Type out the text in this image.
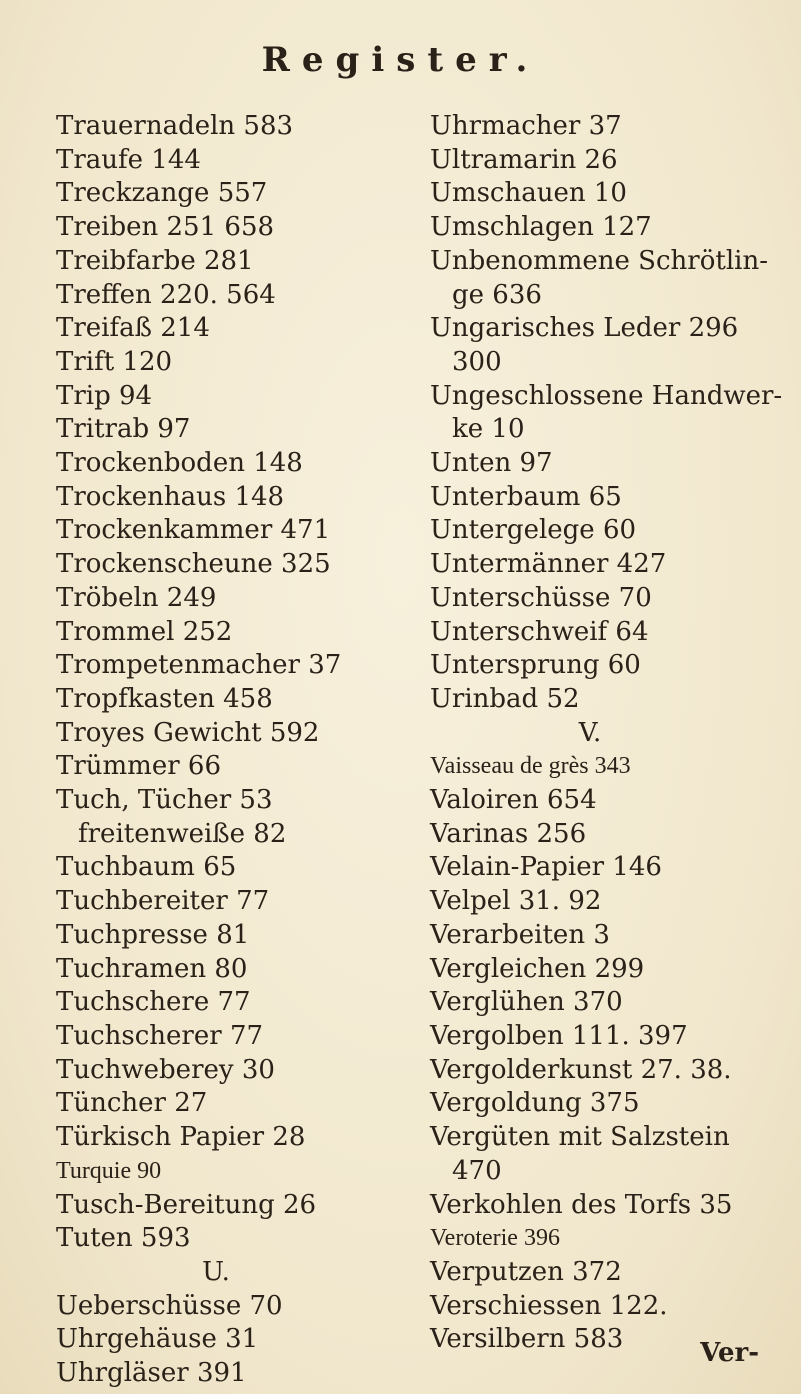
Register.
Trauernadeln 583
Traufe 144
Treckzange 557
Treiben 251 658
Treibfarbe 281
Treffen 220. 564
Treifaß 214
Trift 120
Trip 94
Tritrab 97
Trockenboden 148
Trockenhaus 148
Trockenkammer 471
Trockenscheune 325
Tröbeln 249
Trommel 252
Trompetenmacher 37
Tropfkasten 458
Troyes Gewicht 592
Trümmer 66
Tuch, Tücher 53
freitenweiße 82
Tuchbaum 65
Tuchbereiter 77
Tuchpresse 81
Tuchramen 80
Tuchschere 77
Tuchscherer 77
Tuchweberey 30
Tüncher 27
Türkisch Papier 28
Turquie 90
Tusch-Bereitung 26
Tuten 593
U.
Ueberschüsse 70
Uhrgehäuse 31
Uhrgläser 391
Uhrmacher 37
Ultramarin 26
Umschauen 10
Umschlagen 127
Unbenommene Schrötlin-
ge 636
Ungarisches Leder 296
300
Ungeschlossene Handwer-
ke 10
Unten 97
Unterbaum 65
Untergelege 60
Untermänner 427
Unterschüsse 70
Unterschweif 64
Untersprung 60
Urinbad 52
V.
Vaisseau de grès 343
Valoiren 654
Varinas 256
Velain-Papier 146
Velpel 31. 92
Verarbeiten 3
Vergleichen 299
Verglühen 370
Vergolben 111. 397
Vergolderkunst 27. 38.
Vergoldung 375
Vergüten mit Salzstein
470
Verkohlen des Torfs 35
Veroterie 396
Verputzen 372
Verschiessen 122.
Versilbern 583	Ver-
